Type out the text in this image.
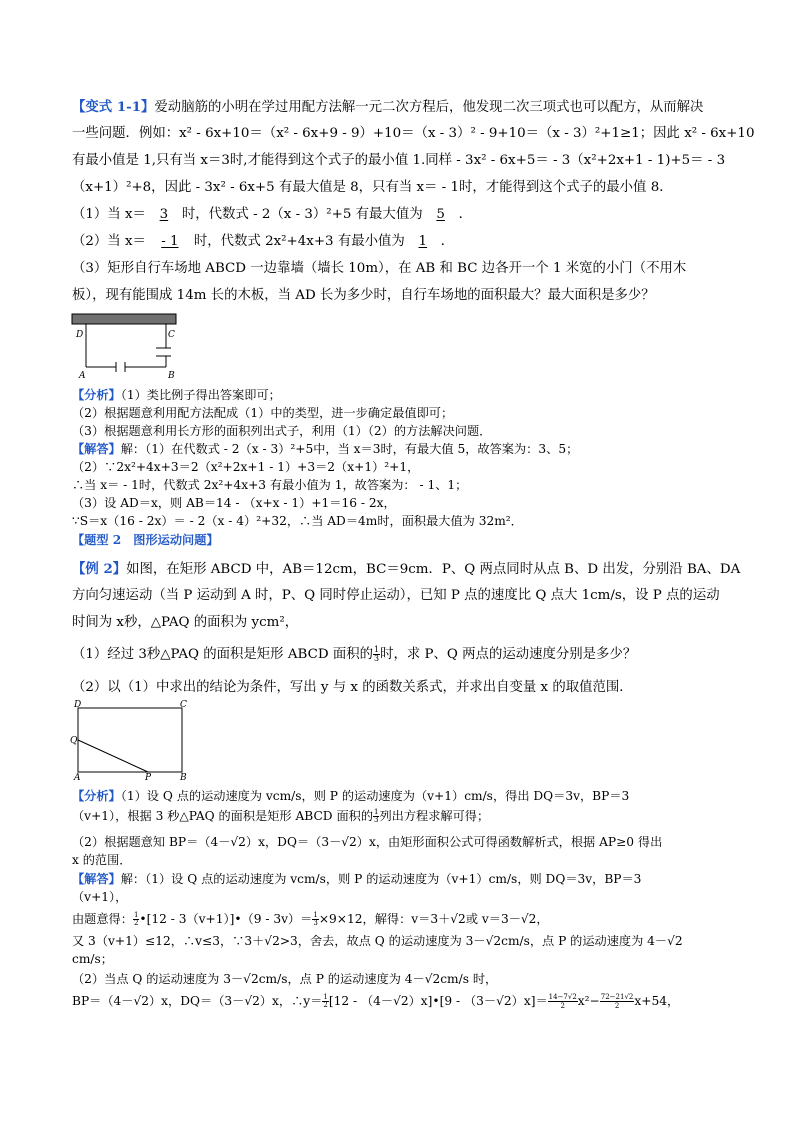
【变式 1-1】爱动脑筋的小明在学过用配方法解一元二次方程后，他发现二次三项式也可以配方，从而解决
一些问题．例如：x² - 6x+10＝（x² - 6x+9 - 9）+10＝（x - 3）² - 9+10＝（x - 3）²+1≥1；因此 x² - 6x+10
有最小值是 1,只有当 x＝3时,才能得到这个式子的最小值 1.同样 - 3x² - 6x+5＝ - 3（x²+2x+1 - 1)+5＝ - 3
（x+1）²+8，因此 - 3x² - 6x+5 有最大值是 8，只有当 x＝ - 1时，才能得到这个式子的最小值 8．
（1）当 x＝ 3 时，代数式 - 2（x - 3）²+5 有最大值为 5 ．
（2）当 x＝ - 1 时，代数式 2x²+4x+3 有最小值为 1 ．
（3）矩形自行车场地 ABCD 一边靠墙（墙长 10m），在 AB 和 BC 边各开一个 1 米宽的小门（不用木
板），现有能围成 14m 长的木板，当 AD 长为多少时，自行车场地的面积最大？最大面积是多少？
D	C
A	B
【分析】（1）类比例子得出答案即可；
（2）根据题意利用配方法配成（1）中的类型，进一步确定最值即可；
（3）根据题意利用长方形的面积列出式子，利用（1）（2）的方法解决问题．
【解答】解：（1）在代数式 - 2（x - 3）²+5中，当 x＝3时，有最大值 5，故答案为：3、5；
（2）∵2x²+4x+3＝2（x²+2x+1 - 1）+3＝2（x+1）²+1，
∴当 x＝ - 1时，代数式 2x²+4x+3 有最小值为 1，故答案为： - 1、1；
（3）设 AD＝x，则 AB＝14 - （x+x - 1）+1＝16 - 2x，
∵S＝x（16 - 2x）＝ - 2（x - 4）²+32，∴当 AD＝4m时，面积最大值为 32m²．
【题型 2 图形运动问题】
【例 2】如图，在矩形 ABCD 中，AB＝12cm，BC＝9cm．P、Q 两点同时从点 B、D 出发，分别沿 BA、DA
方向匀速运动（当 P 运动到 A 时，P、Q 同时停止运动），已知 P 点的速度比 Q 点大 1cm/s，设 P 点的运动
时间为 x秒，△PAQ 的面积为 ycm²，
（1）经过 3秒△PAQ 的面积是矩形 ABCD 面积的 $\frac{1}{3}$ 时，求 P、Q 两点的运动速度分别是多少？
（2）以（1）中求出的结论为条件，写出 y 与 x 的函数关系式，并求出自变量 x 的取值范围．
D	C
Q
A	P	B
【分析】（1）设 Q 点的运动速度为 vcm/s，则 P 的运动速度为（v+1）cm/s，得出 DQ＝3v，BP＝3
（v+1），根据 3 秒△PAQ 的面积是矩形 ABCD 面积的 $\frac{1}{3}$ 列出方程求解可得；
（2）根据题意知 BP＝（4－√2）x，DQ＝（3－√2）x，由矩形面积公式可得函数解析式，根据 AP≥0 得出
x 的范围．
【解答】解：（1）设 Q 点的运动速度为 vcm/s，则 P 的运动速度为（v+1）cm/s，则 DQ＝3v，BP＝3
（v+1），
由题意得： $\frac{1}{2}$ •[12 - 3（v+1）]•（9 - $3v)= \frac{1}{3} \times 9\times 12$，解得：v＝3＋√2或 v＝3－√2，
又 3（v+1）≤12，∴v≤3，∵3＋√2>3，舍去，故点 Q 的运动速度为 3－√2cm/s，点 P 的运动速度为 4－√2
cm/s；
（2）当点 Q 的运动速度为 3－√2cm/s，点 P 的运动速度为 4－√2cm/s 时，
BP＝（4－√2）x，DQ＝（3－√2）x，∴y＝ $\frac{1}{2} [12$ - （4－√2）x]•[9 - $(3-√2)x]= \frac{14-7√2}{2} x^2- \frac{72-21√2}{2} x+54$，
